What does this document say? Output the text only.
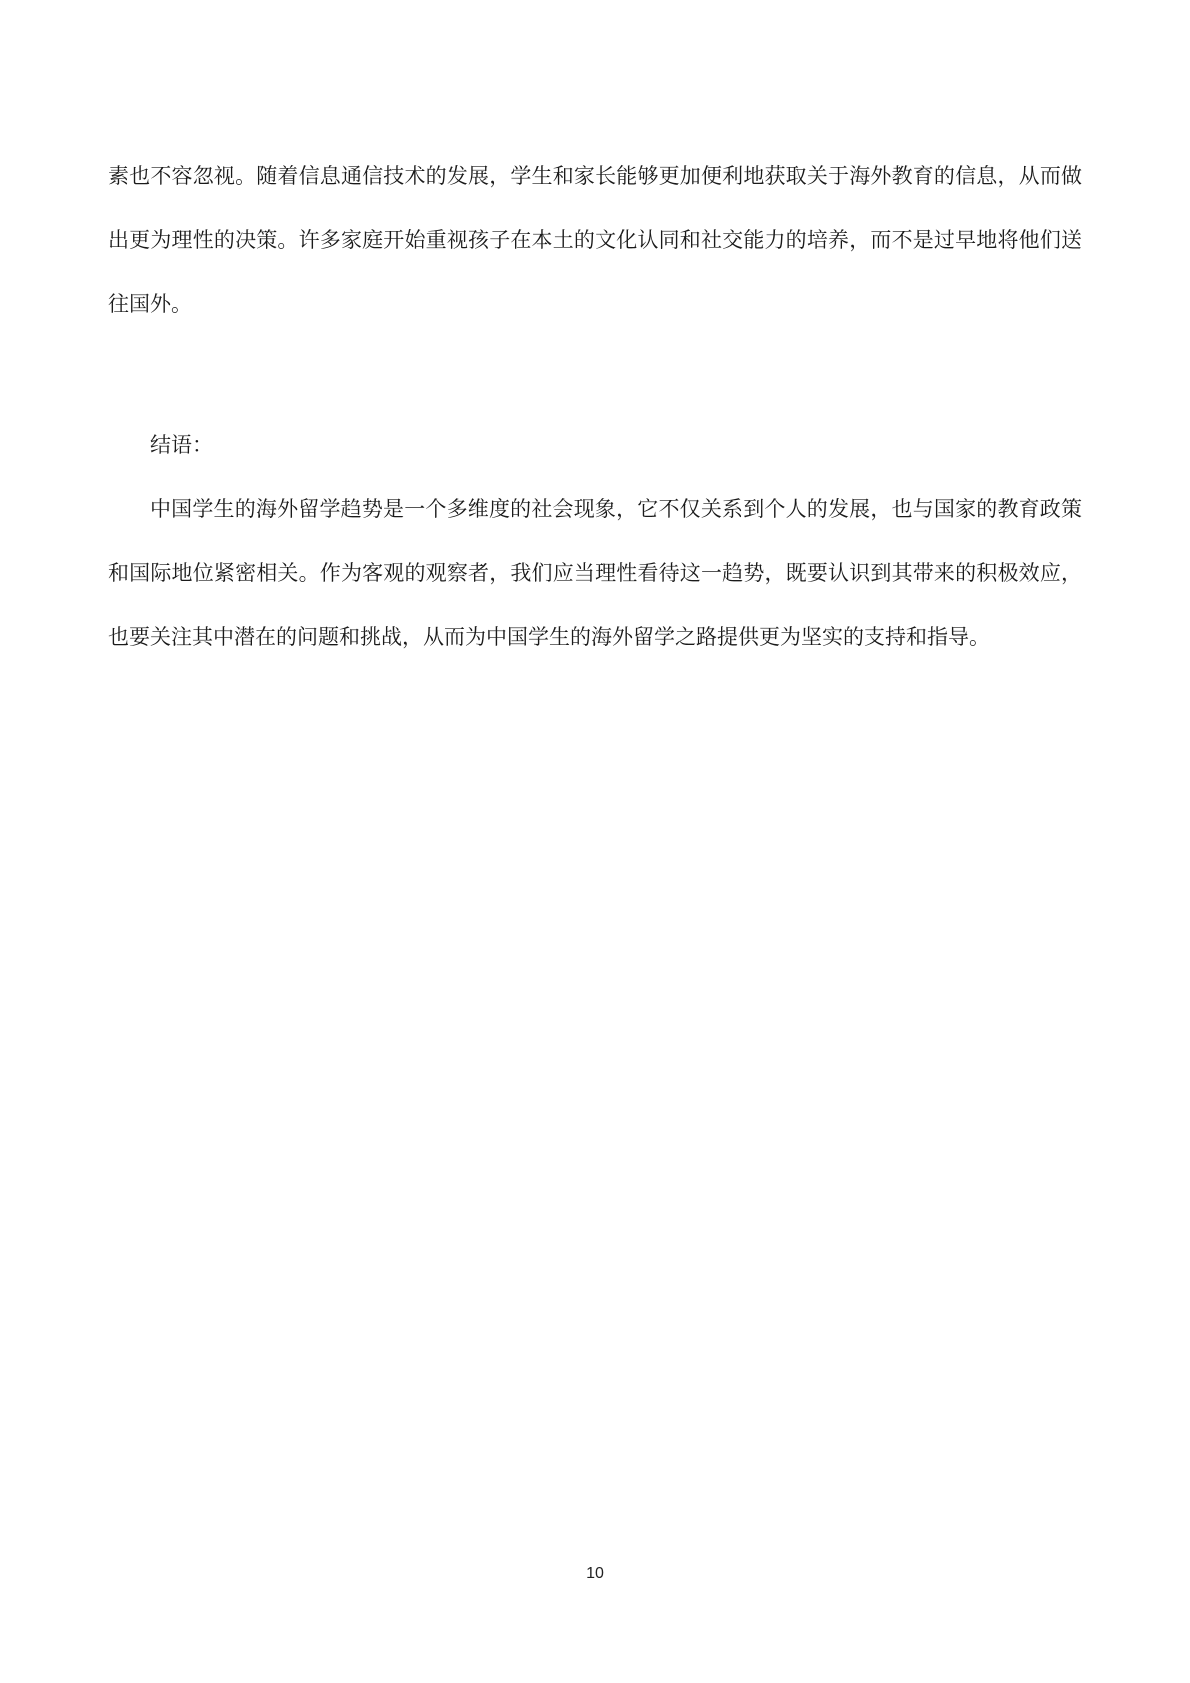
素也不容忽视。随着信息通信技术的发展，学生和家长能够更加便利地获取关于海外教育的信息，从而做出更为理性的决策。许多家庭开始重视孩子在本土的文化认同和社交能力的培养，而不是过早地将他们送往国外。

结语：

中国学生的海外留学趋势是一个多维度的社会现象，它不仅关系到个人的发展，也与国家的教育政策和国际地位紧密相关。作为客观的观察者，我们应当理性看待这一趋势，既要认识到其带来的积极效应，也要关注其中潜在的问题和挑战，从而为中国学生的海外留学之路提供更为坚实的支持和指导。

10
